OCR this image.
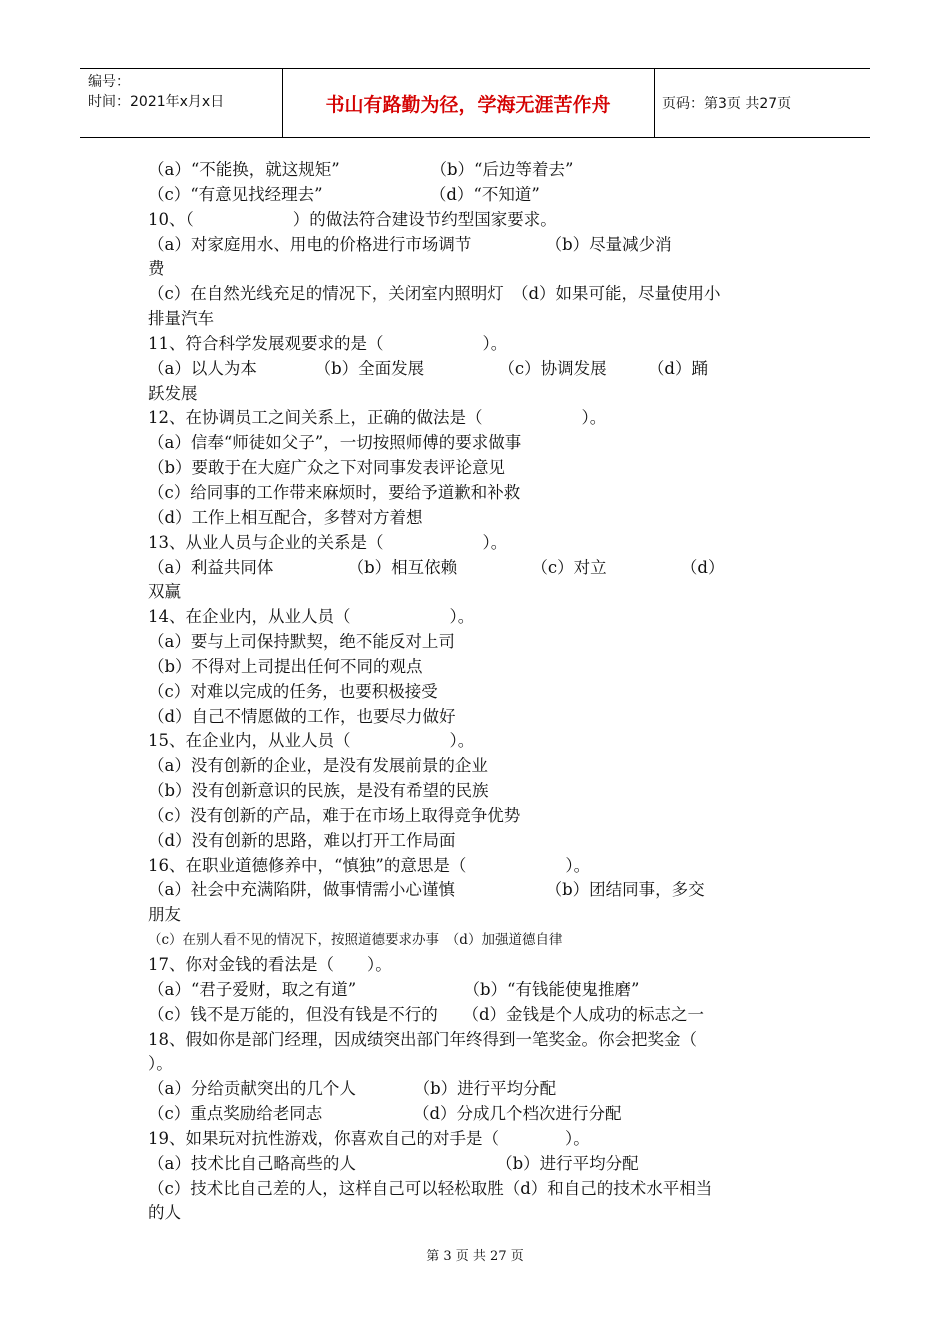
编号：
时间：2021年x月x日	书山有路勤为径，学海无涯苦作舟	页码：第3页 共27页
（a）“不能换，就这规矩”　　　　　　（b）“后边等着去”
（c）“有意见找经理去”　　　　　　　（d）“不知道”
10、（　　　　　　）的做法符合建设节约型国家要求。
（a）对家庭用水、用电的价格进行市场调节　　　　　（b）尽量减少消
费
（c）在自然光线充足的情况下，关闭室内照明灯　（d）如果可能，尽量使用小
排量汽车
11、符合科学发展观要求的是（　　　　　　）。
（a）以人为本　　　　（b）全面发展　　　　　（c）协调发展　　　（d）踊
跃发展
12、在协调员工之间关系上，正确的做法是（　　　　　　）。
（a）信奉“师徒如父子”，一切按照师傅的要求做事
（b）要敢于在大庭广众之下对同事发表评论意见
（c）给同事的工作带来麻烦时，要给予道歉和补救
（d）工作上相互配合，多替对方着想
13、从业人员与企业的关系是（　　　　　　）。
（a）利益共同体　　　　　（b）相互依赖　　　　　（c）对立　　　　　（d）
双赢
14、在企业内，从业人员（　　　　　　）。
（a）要与上司保持默契，绝不能反对上司
（b）不得对上司提出任何不同的观点
（c）对难以完成的任务，也要积极接受
（d）自己不情愿做的工作，也要尽力做好
15、在企业内，从业人员（　　　　　　）。
（a）没有创新的企业，是没有发展前景的企业
（b）没有创新意识的民族，是没有希望的民族
（c）没有创新的产品，难于在市场上取得竞争优势
（d）没有创新的思路，难以打开工作局面
16、在职业道德修养中，“慎独”的意思是（　　　　　　）。
（a）社会中充满陷阱，做事情需小心谨慎　　　　　　（b）团结同事，多交
朋友
（c）在别人看不见的情况下，按照道德要求办事　（d）加强道德自律
17、你对金钱的看法是（　　）。
（a）“君子爱财，取之有道”　　　　　　　（b）“有钱能使鬼推磨”
（c）钱不是万能的，但没有钱是不行的　　（d）金钱是个人成功的标志之一
18、假如你是部门经理，因成绩突出部门年终得到一笔奖金。你会把奖金（
）。
（a）分给贡献突出的几个人　　　　（b）进行平均分配
（c）重点奖励给老同志　　　　　　（d）分成几个档次进行分配
19、如果玩对抗性游戏，你喜欢自己的对手是（　　　　）。
（a）技术比自己略高些的人　　　　　　　　　（b）进行平均分配
（c）技术比自己差的人，这样自己可以轻松取胜（d）和自己的技术水平相当
的人
第 3 页 共 27 页
